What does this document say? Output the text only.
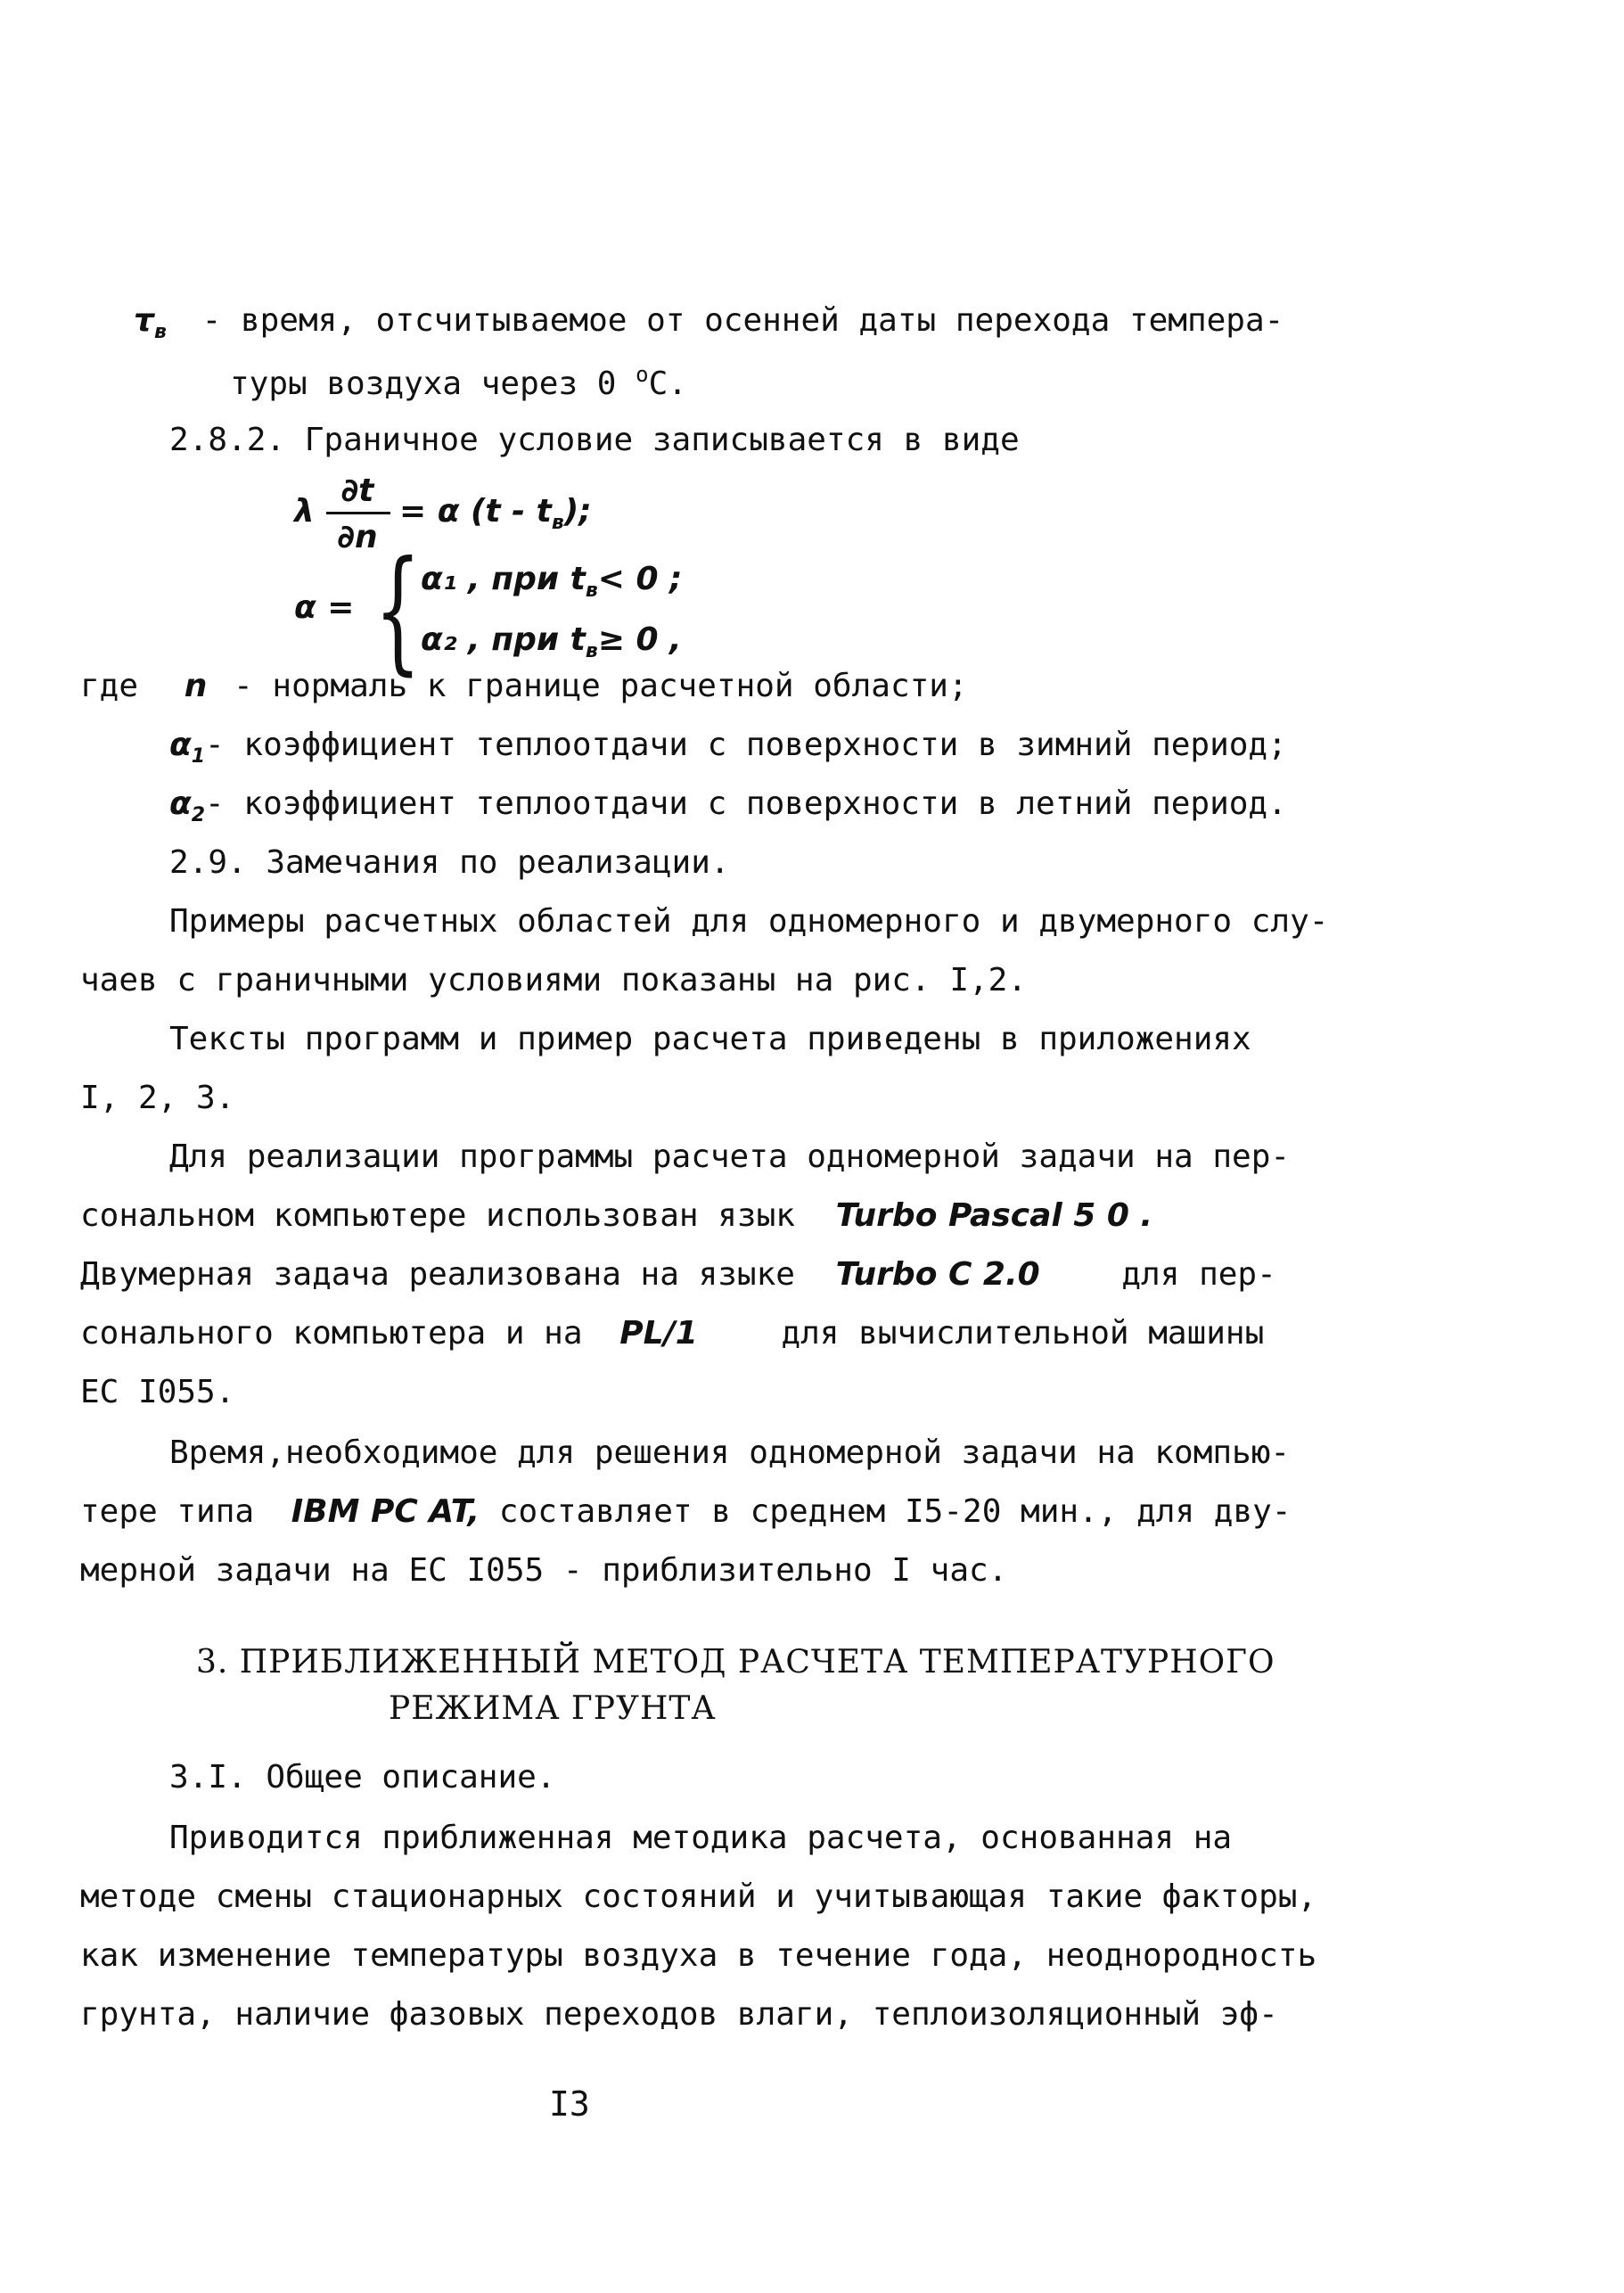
$\tau_в$ - время, отсчитываемое от осенней даты перехода темпера-
туры воздуха через 0 $^o$C.
2.8.2. Граничное условие записывается в виде
λ
∂t
∂n
= α $(t - t_в)$;
α = { α₁ , при $t_в< 0$ ;
α₂ , при $t_в\ge 0$ ,
где n - нормаль к границе расчетной области;
$\alpha_1-$ коэффициент теплоотдачи с поверхности в зимний период;
$\alpha_2-$ коэффициент теплоотдачи с поверхности в летний период.
2.9. Замечания по реализации.
Примеры расчетных областей для одномерного и двумерного слу-
чаев с граничными условиями показаны на рис. I,2.
Тексты программ и пример расчета приведены в приложениях
I, 2, 3.
Для реализации программы расчета одномерной задачи на пер-
сональном компьютере использован язык Turbo Pascal 5 0 .
Двумерная задача реализована на языке Turbo C 2.0	для пер-
сонального компьютера и на PL/1	для вычислительной машины
ЕС I055.
Время,необходимое для решения одномерной задачи на компью-
тере типа IBM PC AT, составляет в среднем I5-20 мин., для дву-
мерной задачи на ЕС I055 - приблизительно I час.
3. ПРИБЛИЖЕННЫЙ МЕТОД РАСЧЕТА ТЕМПЕРАТУРНОГО
РЕЖИМА ГРУНТА
3.I. Общее описание.
Приводится приближенная методика расчета, основанная на
методе смены стационарных состояний и учитывающая такие факторы,
как изменение температуры воздуха в течение года, неоднородность
грунта, наличие фазовых переходов влаги, теплоизоляционный эф-
I3
